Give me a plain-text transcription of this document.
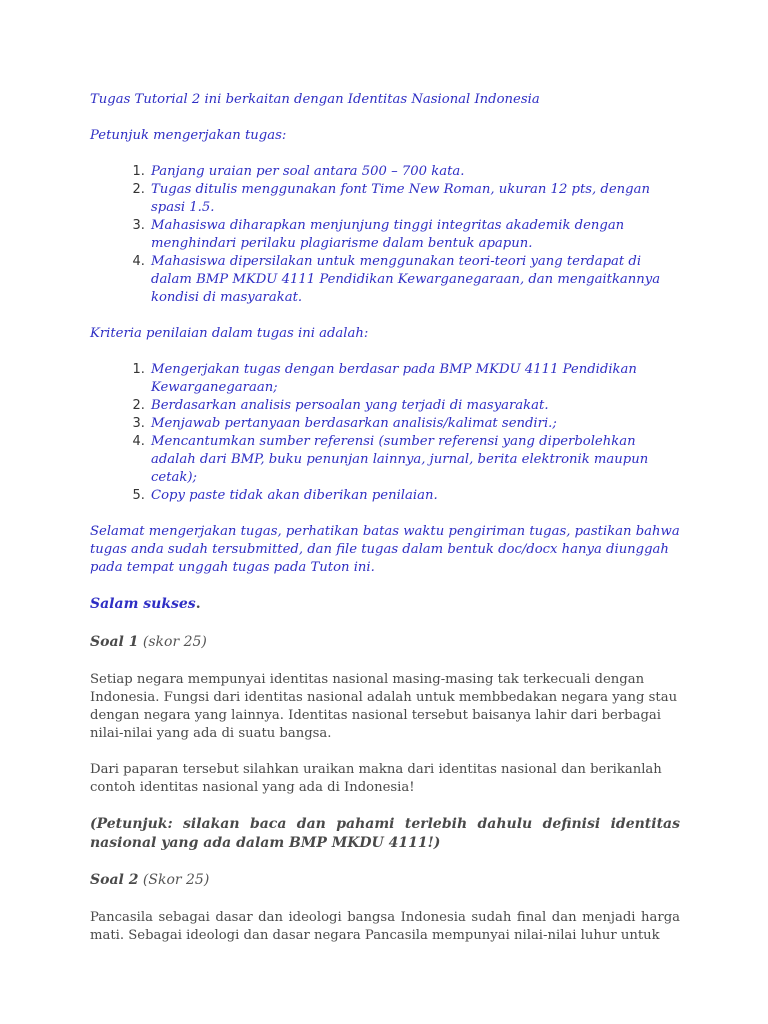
Tugas Tutorial 2 ini berkaitan dengan Identitas Nasional Indonesia

Petunjuk mengerjakan tugas:

1. Panjang uraian per soal antara 500 – 700 kata.
2. Tugas ditulis menggunakan font Time New Roman, ukuran 12 pts, dengan spasi 1.5.
3. Mahasiswa diharapkan menjunjung tinggi integritas akademik dengan menghindari perilaku plagiarisme dalam bentuk apapun.
4. Mahasiswa dipersilakan untuk menggunakan teori-teori yang terdapat di dalam BMP MKDU 4111 Pendidikan Kewarganegaraan, dan mengaitkannya kondisi di masyarakat.

Kriteria penilaian dalam tugas ini adalah:

1. Mengerjakan tugas dengan berdasar pada BMP MKDU 4111 Pendidikan Kewarganegaraan;
2. Berdasarkan analisis persoalan yang terjadi di masyarakat.
3. Menjawab pertanyaan berdasarkan analisis/kalimat sendiri.;
4. Mencantumkan sumber referensi (sumber referensi yang diperbolehkan adalah dari BMP, buku penunjan lainnya, jurnal, berita elektronik maupun cetak);
5. Copy paste tidak akan diberikan penilaian.

Selamat mengerjakan tugas, perhatikan batas waktu pengiriman tugas, pastikan bahwa tugas anda sudah tersubmitted, dan file tugas dalam bentuk doc/docx hanya diunggah pada tempat unggah tugas pada Tuton ini.

Salam sukses.

Soal 1 (skor 25)

Setiap negara mempunyai identitas nasional masing-masing tak terkecuali dengan Indonesia. Fungsi dari identitas nasional adalah untuk membbedakan negara yang stau dengan negara yang lainnya. Identitas nasional tersebut baisanya lahir dari berbagai nilai-nilai yang ada di suatu bangsa.

Dari paparan tersebut silahkan uraikan makna dari identitas nasional dan berikanlah contoh identitas nasional yang ada di Indonesia!

(Petunjuk: silakan baca dan pahami terlebih dahulu definisi identitas nasional yang ada dalam BMP MKDU 4111!)

Soal 2 (Skor 25)

Pancasila sebagai dasar dan ideologi bangsa Indonesia sudah final dan menjadi harga mati. Sebagai ideologi dan dasar negara Pancasila mempunyai nilai-nilai luhur untuk
